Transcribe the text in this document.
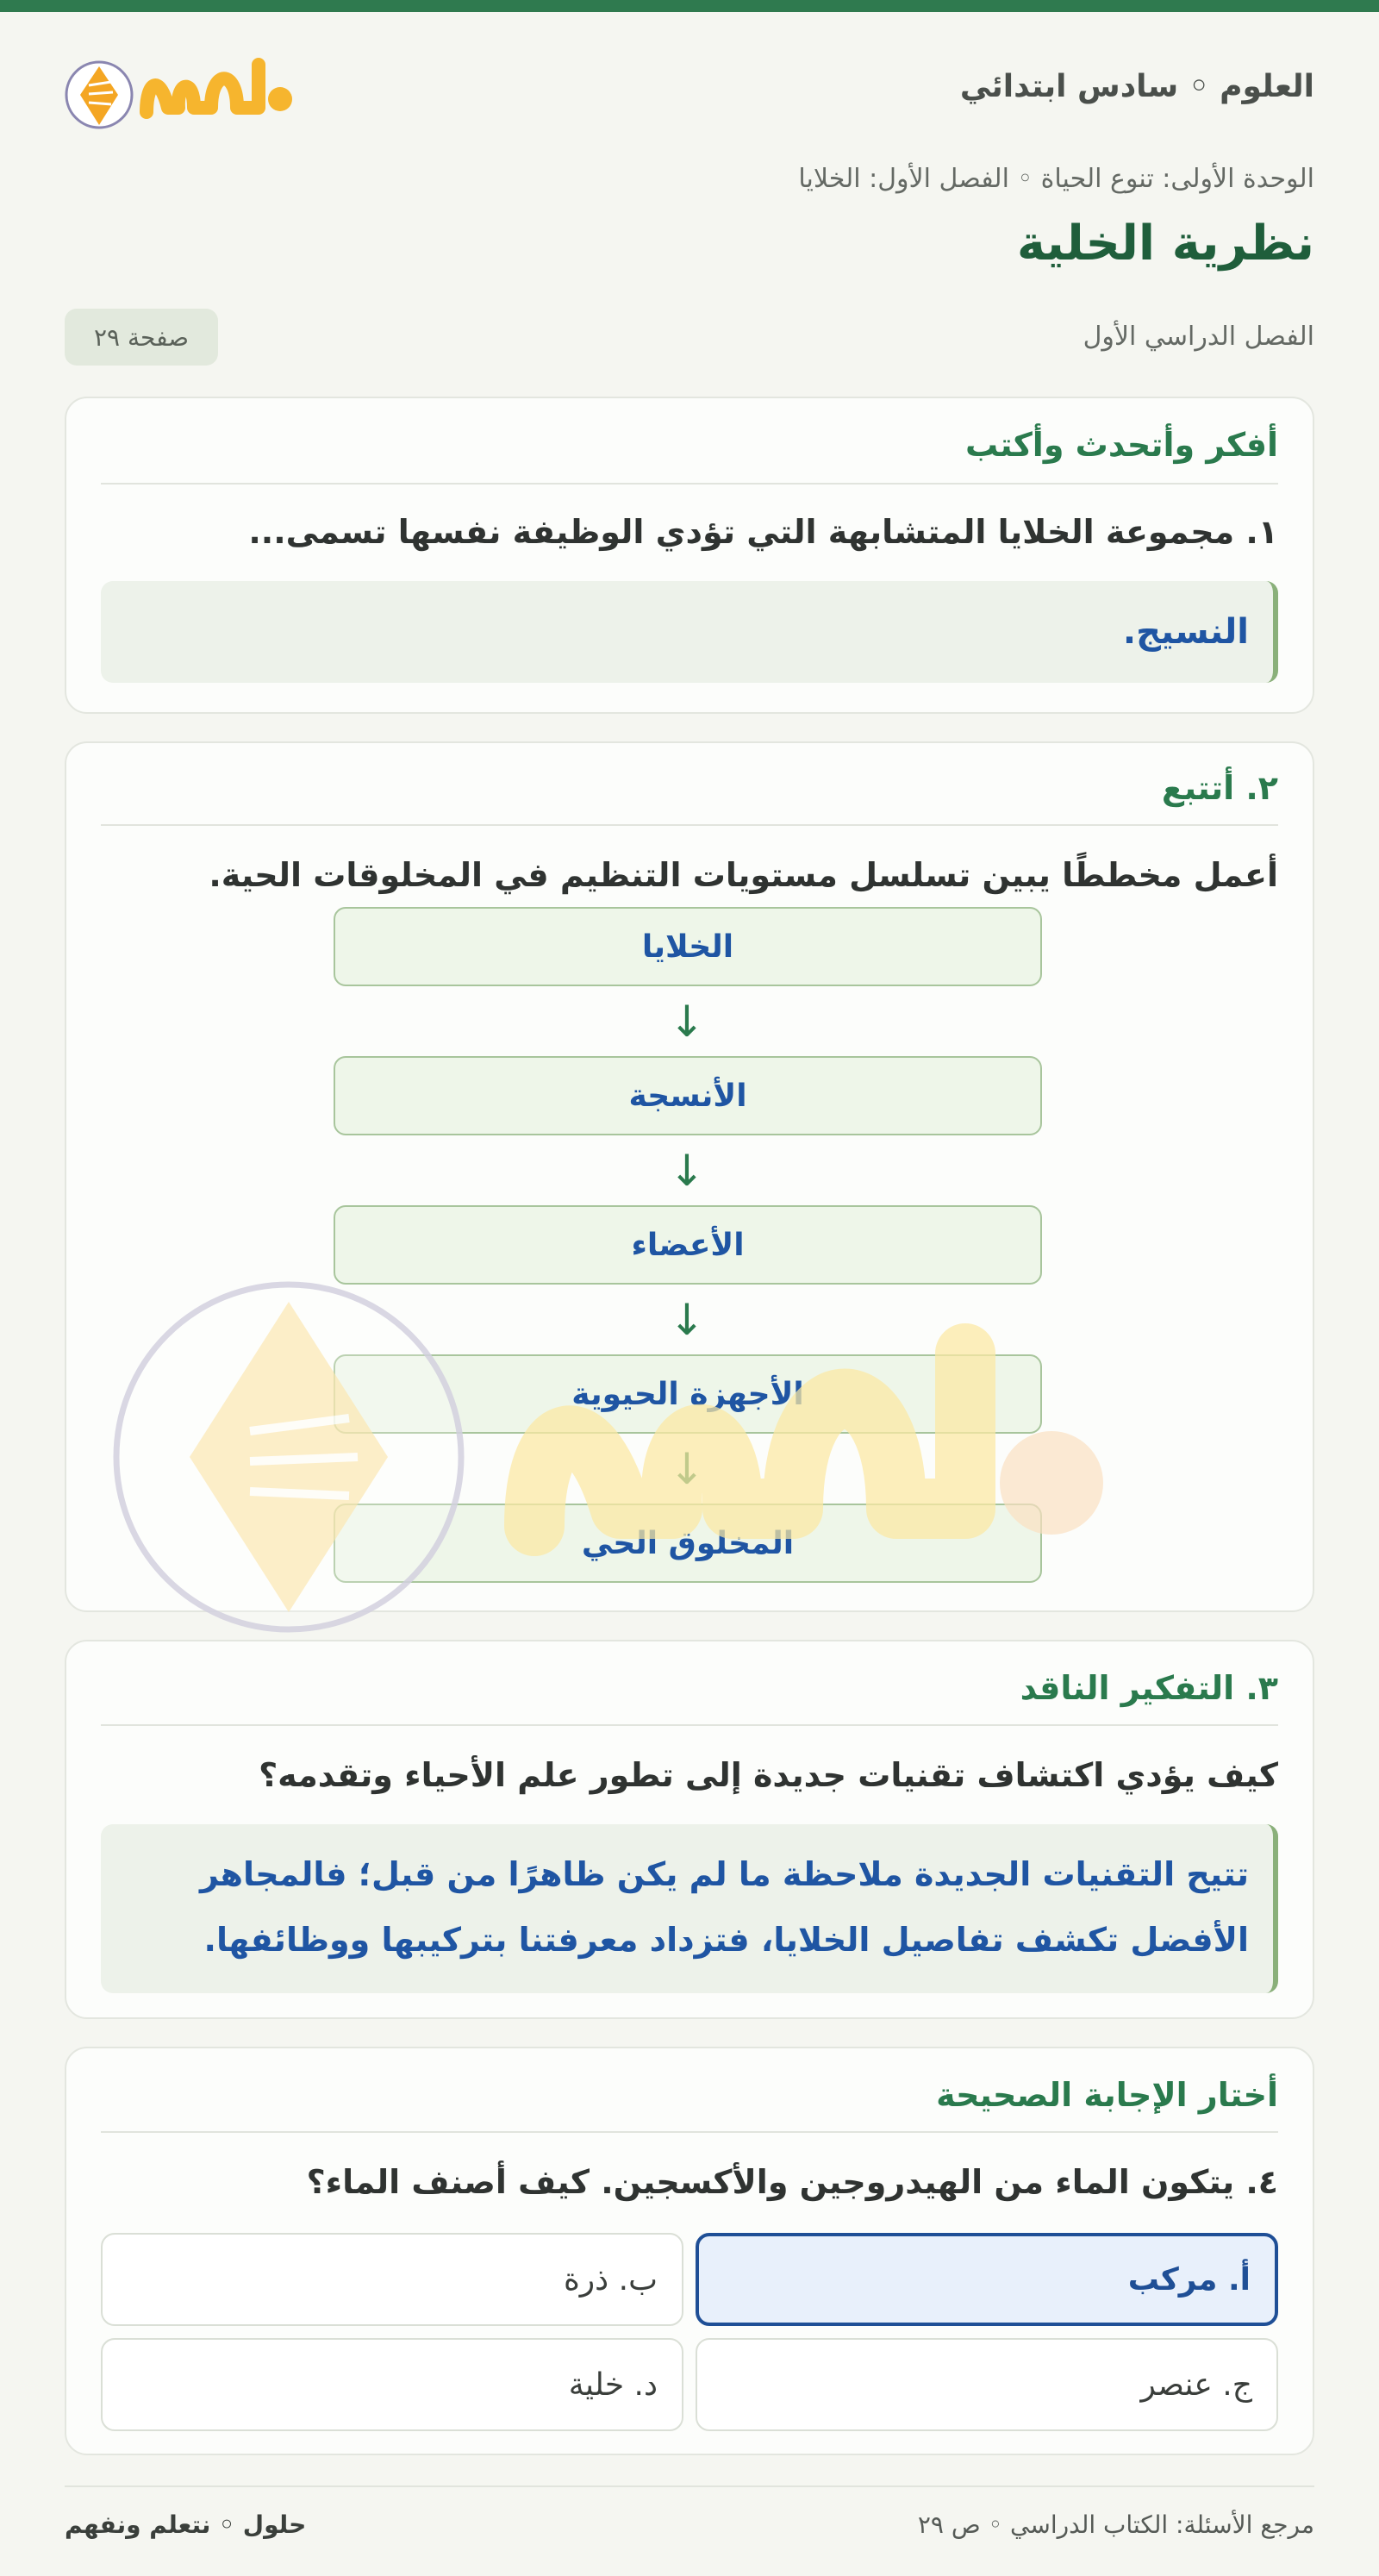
العلوم ◦ سادس ابتدائي
الوحدة الأولى: تنوع الحياة ◦ الفصل الأول: الخلايا
نظرية الخلية
الفصل الدراسي الأول
صفحة ٢٩
أفكر وأتحدث وأكتب
١. مجموعة الخلايا المتشابهة التي تؤدي الوظيفة نفسها تسمى...
النسيج.
٢. أتتبع
أعمل مخططًا يبين تسلسل مستويات التنظيم في المخلوقات الحية.
الخلايا
↓
الأنسجة
↓
الأعضاء
↓
الأجهزة الحيوية
↓
المخلوق الحي
٣. التفكير الناقد
كيف يؤدي اكتشاف تقنيات جديدة إلى تطور علم الأحياء وتقدمه؟
تتيح التقنيات الجديدة ملاحظة ما لم يكن ظاهرًا من قبل؛ فالمجاهر
الأفضل تكشف تفاصيل الخلايا، فتزداد معرفتنا بتركيبها ووظائفها.
أختار الإجابة الصحيحة
٤. يتكون الماء من الهيدروجين والأكسجين. كيف أصنف الماء؟
أ. مركب
ب. ذرة
ج. عنصر
د. خلية
مرجع الأسئلة: الكتاب الدراسي ◦ ص ٢٩
حلول ◦ نتعلم ونفهم
